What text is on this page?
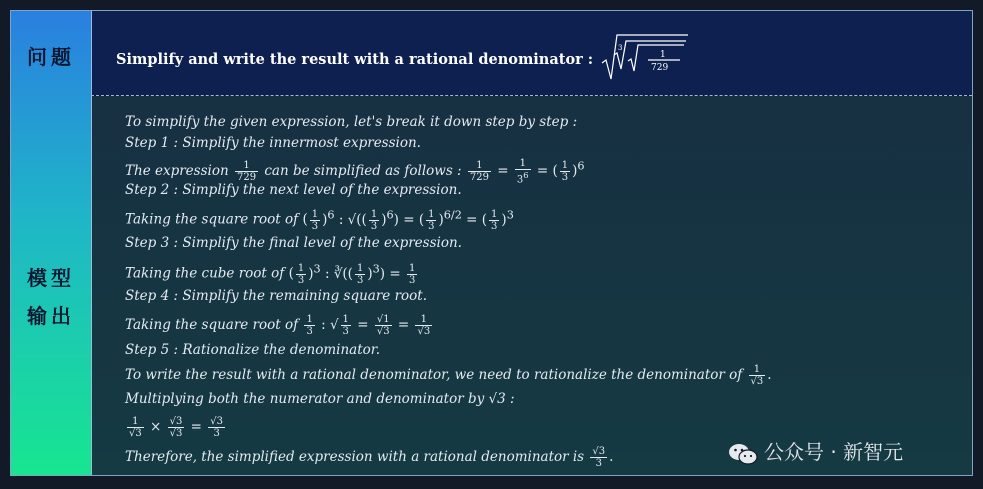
问题
模型
输出
Simplify and write the result with a rational denominator :
3
1
729
To simplify the given expression, let's break it down step by step :
Step 1 : Simplify the innermost expression.
The expression $\frac{1}{729}$ can be simplified as follows : $\frac{1}{729} = \frac{1}{3^6}$ = ( $\frac{1}{3} )^6$
Step 2 : Simplify the next level of the expression.
Taking the square root of ( $\frac{1}{3} )^6$ : √(( $\frac{1}{3} )^6$) = ( $\frac{1}{3} )^{6/2}$ = ( $\frac{1}{3} )^3$
Step 3 : Simplify the final level of the expression.
Taking the cube root of ( $\frac{1}{3} )^3$ : ∛(( $\frac{1}{3} )^3) = \frac{1}{3}$
Step 4 : Simplify the remaining square root.
Taking the square root of $\frac{1}{3}$ : √ $\frac{1}{3} = \frac{√1}{√3} = \frac{1}{√3}$
Step 5 : Rationalize the denominator.
To write the result with a rational denominator, we need to rationalize the denominator of $\frac{1}{√3}$ .
Multiplying both the numerator and denominator by √3 :
$\frac{1}{√3} \times \frac{√3}{√3} = \frac{√3}{3}$
Therefore, the simplified expression with a rational denominator is $\frac{√3}{3}$ .	公众号 · 新智元
